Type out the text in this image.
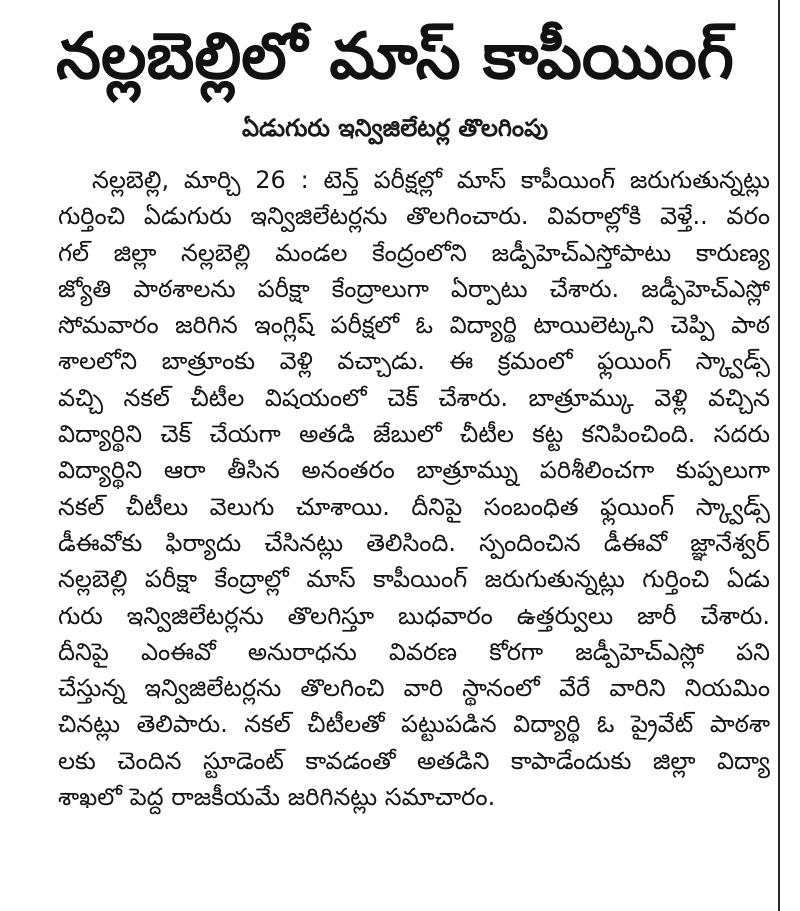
నల్లబెల్లిలో మాస్ కాపీయింగ్
ఏడుగురు ఇన్విజిలేటర్ల తొలగింపు
నల్లబెల్లి, మార్చి 26 : టెన్త్ పరీక్షల్లో మాస్ కాపీయింగ్ జరుగుతున్నట్లు
గుర్తించి ఏడుగురు ఇన్విజిలేటర్లను తొలగించారు. వివరాల్లోకి వెళ్తే.. వరం
గల్ జిల్లా నల్లబెల్లి మండల కేంద్రంలోని జడ్పీహెచ్ఎస్తోపాటు కారుణ్య
జ్యోతి పాఠశాలను పరీక్షా కేంద్రాలుగా ఏర్పాటు చేశారు. జడ్పీహెచ్ఎస్లో
సోమవారం జరిగిన ఇంగ్లిష్ పరీక్షలో ఓ విద్యార్థి టాయిలెట్కని చెప్పి పాఠ
శాలలోని బాత్రూంకు వెళ్లి వచ్చాడు. ఈ క్రమంలో ఫ్లయింగ్ స్క్వాడ్స్
వచ్చి నకల్ చీటీల విషయంలో చెక్ చేశారు. బాత్రూమ్కు వెళ్లి వచ్చిన
విద్యార్థిని చెక్ చేయగా అతడి జేబులో చీటీల కట్ట కనిపించింది. సదరు
విద్యార్థిని ఆరా తీసిన అనంతరం బాత్రూమ్ను పరిశీలించగా కుప్పలుగా
నకల్ చీటీలు వెలుగు చూశాయి. దీనిపై సంబంధిత ఫ్లయింగ్ స్క్వాడ్స్
డీఈవోకు ఫిర్యాదు చేసినట్లు తెలిసింది. స్పందించిన డీఈవో జ్ఞానేశ్వర్
నల్లబెల్లి పరీక్షా కేంద్రాల్లో మాస్ కాపీయింగ్ జరుగుతున్నట్లు గుర్తించి ఏడు
గురు ఇన్విజిలేటర్లను తొలగిస్తూ బుధవారం ఉత్తర్వులు జారీ చేశారు.
దీనిపై ఎంఈవో అనురాధను వివరణ కోరగా జడ్పీహెచ్ఎస్లో పని
చేస్తున్న ఇన్విజిలేటర్లను తొలగించి వారి స్థానంలో వేరే వారిని నియమిం
చినట్లు తెలిపారు. నకల్ చీటీలతో పట్టుపడిన విద్యార్థి ఓ ప్రైవేట్ పాఠశా
లకు చెందిన స్టూడెంట్ కావడంతో అతడిని కాపాడేందుకు జిల్లా విద్యా
శాఖలో పెద్ద రాజకీయమే జరిగినట్లు సమాచారం.
